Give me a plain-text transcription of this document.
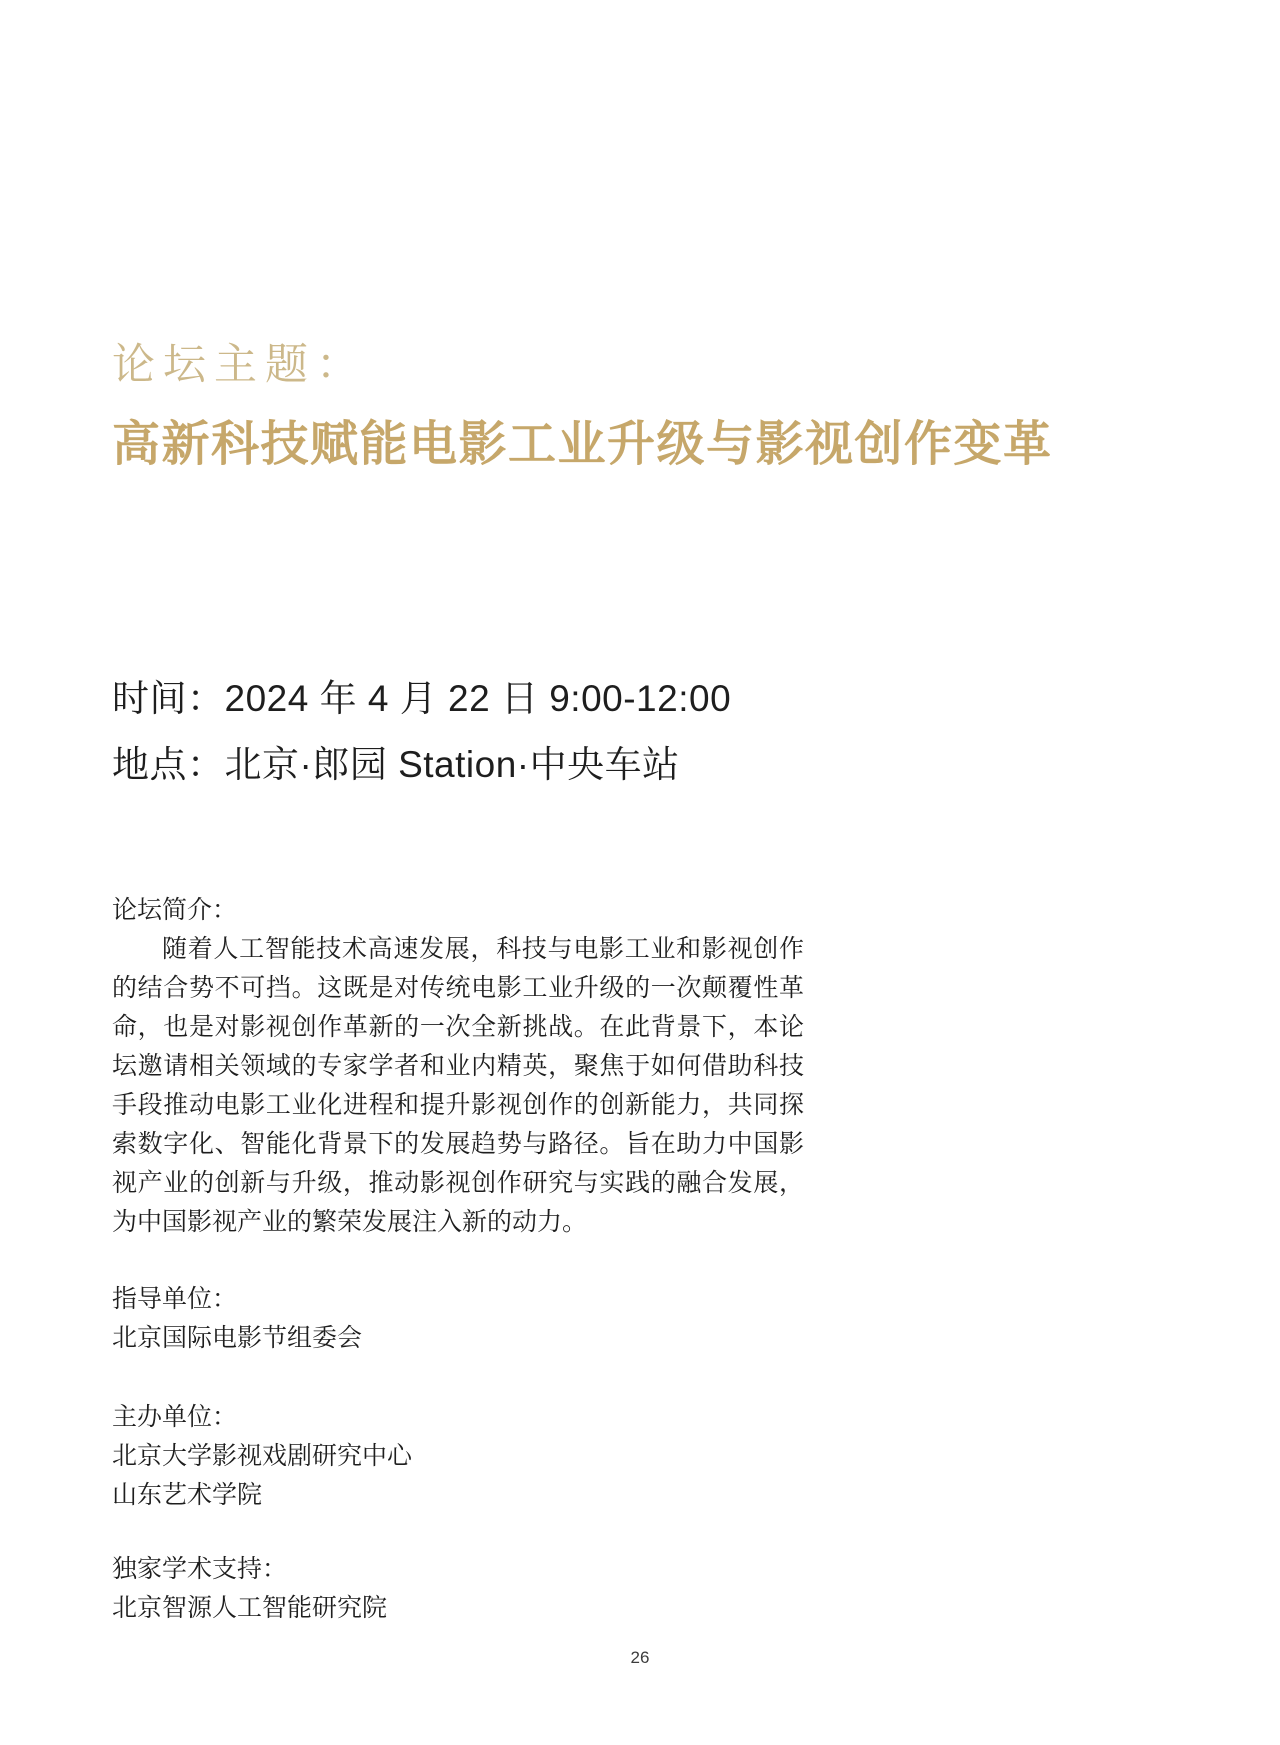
论坛主题：
高新科技赋能电影工业升级与影视创作变革
时间：2024 年 4 月 22 日 9:00-12:00
地点：北京·郎园 Station·中央车站
论坛简介：

随着人工智能技术高速发展，科技与电影工业和影视创作的结合势不可挡。这既是对传统电影工业升级的一次颠覆性革命，也是对影视创作革新的一次全新挑战。在此背景下，本论坛邀请相关领域的专家学者和业内精英，聚焦于如何借助科技手段推动电影工业化进程和提升影视创作的创新能力，共同探索数字化、智能化背景下的发展趋势与路径。旨在助力中国影视产业的创新与升级，推动影视创作研究与实践的融合发展，为中国影视产业的繁荣发展注入新的动力。

指导单位：
北京国际电影节组委会
主办单位：
北京大学影视戏剧研究中心
山东艺术学院
独家学术支持：
北京智源人工智能研究院
26
